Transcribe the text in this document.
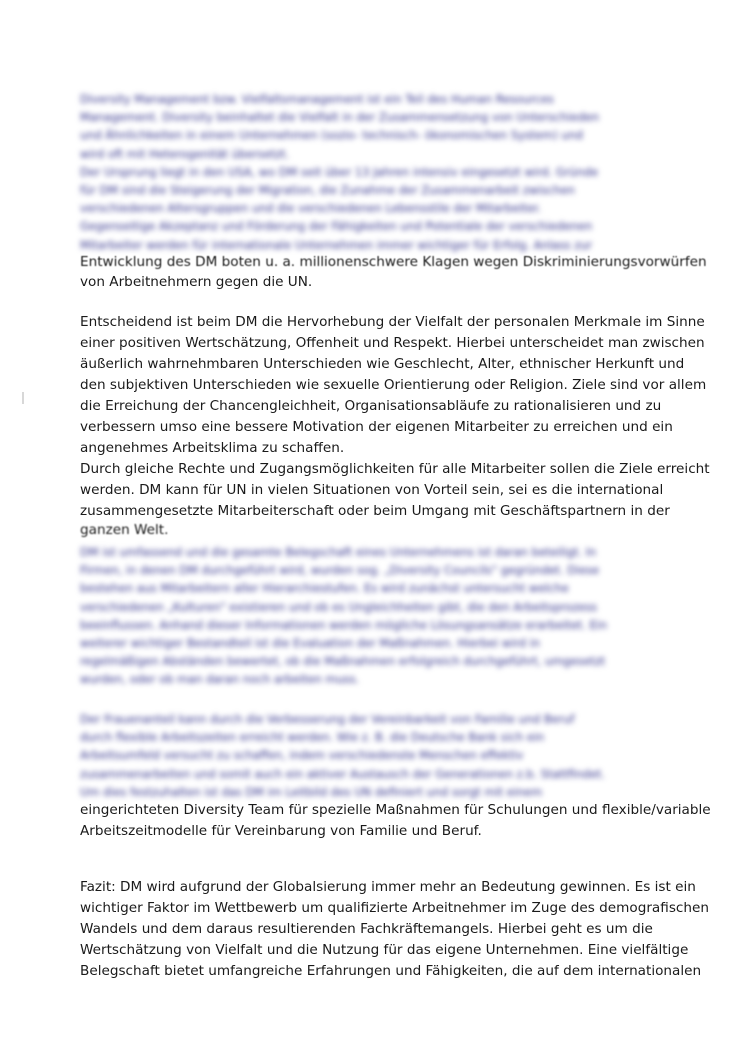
Diversity Management bzw. Vielfaltsmanagement ist ein Teil des Human Resources

Management. Diversity beinhaltet die Vielfalt in der Zusammensetzung von Unterschieden

und Ähnlichkeiten in einem Unternehmen (sozio- technisch- ökonomischen System) und

wird oft mit Heterogenität übersetzt.

Der Ursprung liegt in den USA, wo DM seit über 13 Jahren intensiv eingesetzt wird. Gründe

für DM sind die Steigerung der Migration, die Zunahme der Zusammenarbeit zwischen

verschiedenen Altersgruppen und die verschiedenen Lebensstile der Mitarbeiter.

Gegenseitige Akzeptanz und Förderung der Fähigkeiten und Potentiale der verschiedenen

Mitarbeiter werden für internationale Unternehmen immer wichtiger für Erfolg. Anlass zur

Entwicklung des DM boten u. a. millionenschwere Klagen wegen Diskriminierungsvorwürfen
von Arbeitnehmern gegen die UN.
Entscheidend ist beim DM die Hervorhebung der Vielfalt der personalen Merkmale im Sinne
einer positiven Wertschätzung, Offenheit und Respekt. Hierbei unterscheidet man zwischen
äußerlich wahrnehmbaren Unterschieden wie Geschlecht, Alter, ethnischer Herkunft und
den subjektiven Unterschieden wie sexuelle Orientierung oder Religion. Ziele sind vor allem
die Erreichung der Chancengleichheit, Organisationsabläufe zu rationalisieren und zu
verbessern umso eine bessere Motivation der eigenen Mitarbeiter zu erreichen und ein
angenehmes Arbeitsklima zu schaffen.
Durch gleiche Rechte und Zugangsmöglichkeiten für alle Mitarbeiter sollen die Ziele erreicht
werden. DM kann für UN in vielen Situationen von Vorteil sein, sei es die international
zusammengesetzte Mitarbeiterschaft oder beim Umgang mit Geschäftspartnern in der
ganzen Welt.

DM ist umfassend und die gesamte Belegschaft eines Unternehmens ist daran beteiligt. In

Firmen, in denen DM durchgeführt wird, wurden sog. „Diversity Councils" gegründet. Diese

bestehen aus Mitarbeitern aller Hierarchiestufen. Es wird zunächst untersucht welche

verschiedenen „Kulturen" existieren und ob es Ungleichheiten gibt, die den Arbeitsprozess

beeinflussen. Anhand dieser Informationen werden mögliche Lösungsansätze erarbeitet. Ein

weiterer wichtiger Bestandteil ist die Evaluation der Maßnahmen. Hierbei wird in

regelmäßigen Abständen bewertet, ob die Maßnahmen erfolgreich durchgeführt, umgesetzt

wurden, oder ob man daran noch arbeiten muss.

Der Frauenanteil kann durch die Verbesserung der Vereinbarkeit von Familie und Beruf

durch flexible Arbeitszeiten erreicht werden. Wie z. B. die Deutsche Bank sich ein

Arbeitsumfeld versucht zu schaffen, indem verschiedenste Menschen effektiv

zusammenarbeiten und somit auch ein aktiver Austausch der Generationen z.b. Stattfindet.

Um dies festzuhalten ist das DM im Leitbild des UN definiert und sorgt mit einem

eingerichteten Diversity Team für spezielle Maßnahmen für Schulungen und flexible/variable
Arbeitszeitmodelle für Vereinbarung von Familie und Beruf.
Fazit: DM wird aufgrund der Globalsierung immer mehr an Bedeutung gewinnen. Es ist ein
wichtiger Faktor im Wettbewerb um qualifizierte Arbeitnehmer im Zuge des demografischen
Wandels und dem daraus resultierenden Fachkräftemangels. Hierbei geht es um die
Wertschätzung von Vielfalt und die Nutzung für das eigene Unternehmen. Eine vielfältige
Belegschaft bietet umfangreiche Erfahrungen und Fähigkeiten, die auf dem internationalen
